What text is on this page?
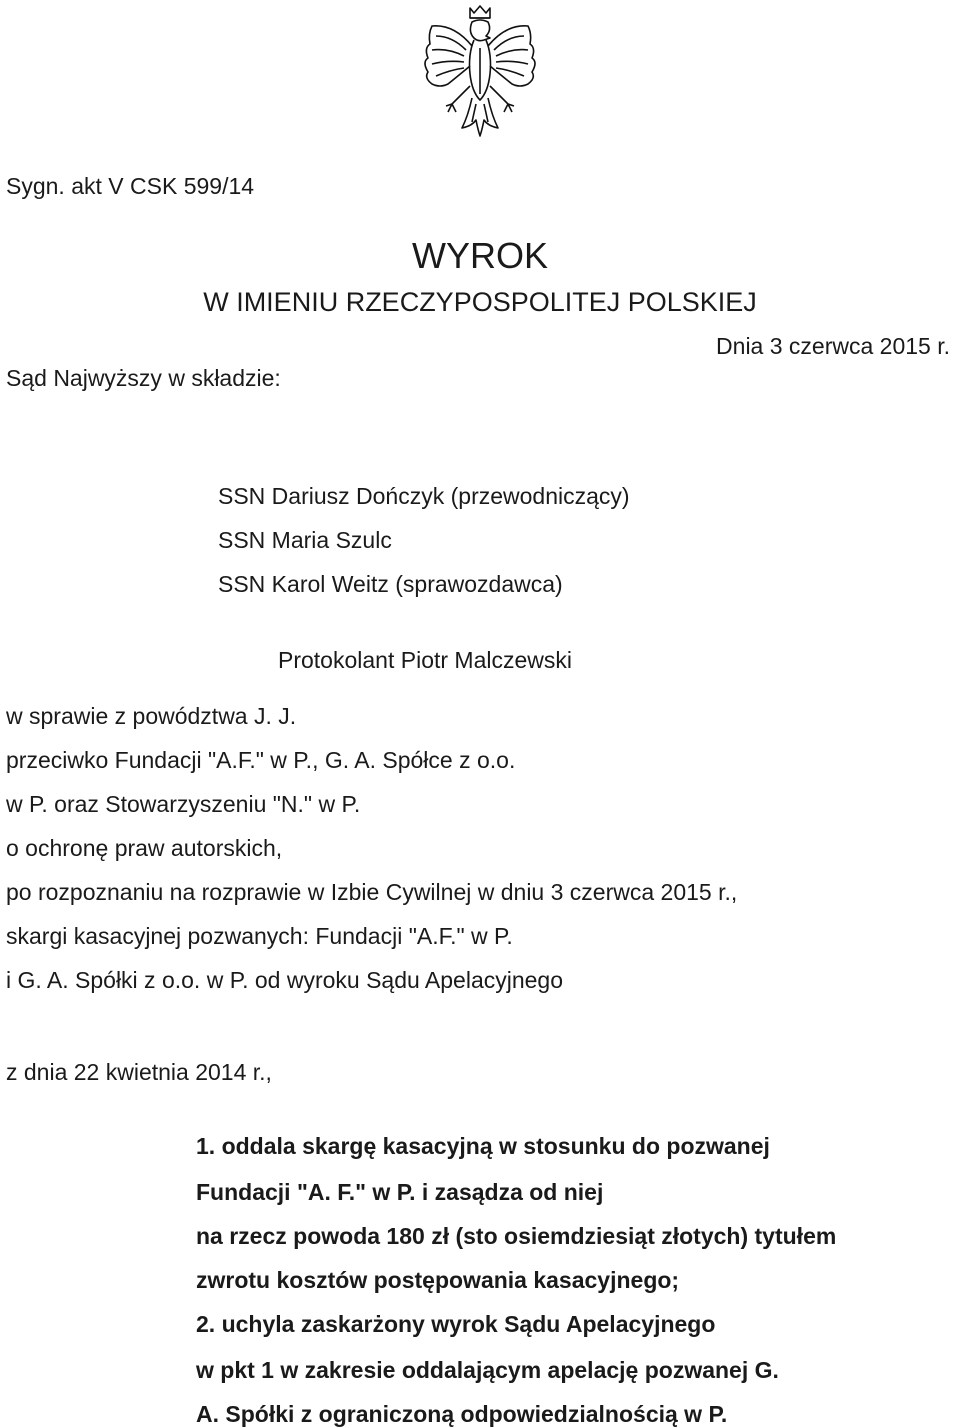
Sygn. akt V CSK 599/14
WYROK
W IMIENIU RZECZYPOSPOLITEJ POLSKIEJ
Dnia 3 czerwca 2015 r.
Sąd Najwyższy w składzie:
SSN Dariusz Dończyk (przewodniczący)
SSN Maria Szulc
SSN Karol Weitz (sprawozdawca)
Protokolant Piotr Malczewski
w sprawie z powództwa J. J.
przeciwko Fundacji "A.F." w P., G. A. Spółce z o.o.
w P. oraz Stowarzyszeniu "N." w P.
o ochronę praw autorskich,
po rozpoznaniu na rozprawie w Izbie Cywilnej w dniu 3 czerwca 2015 r.,
skargi kasacyjnej pozwanych: Fundacji "A.F." w P.
i G. A. Spółki z o.o. w P. od wyroku Sądu Apelacyjnego
z dnia 22 kwietnia 2014 r.,
1. oddala skargę kasacyjną w stosunku do pozwanej
Fundacji "A. F." w P. i zasądza od niej
na rzecz powoda 180 zł (sto osiemdziesiąt złotych) tytułem
zwrotu kosztów postępowania kasacyjnego;
2. uchyla zaskarżony wyrok Sądu Apelacyjnego
w pkt 1 w zakresie oddalającym apelację pozwanej G.
A. Spółki z ograniczoną odpowiedzialnością w P.
